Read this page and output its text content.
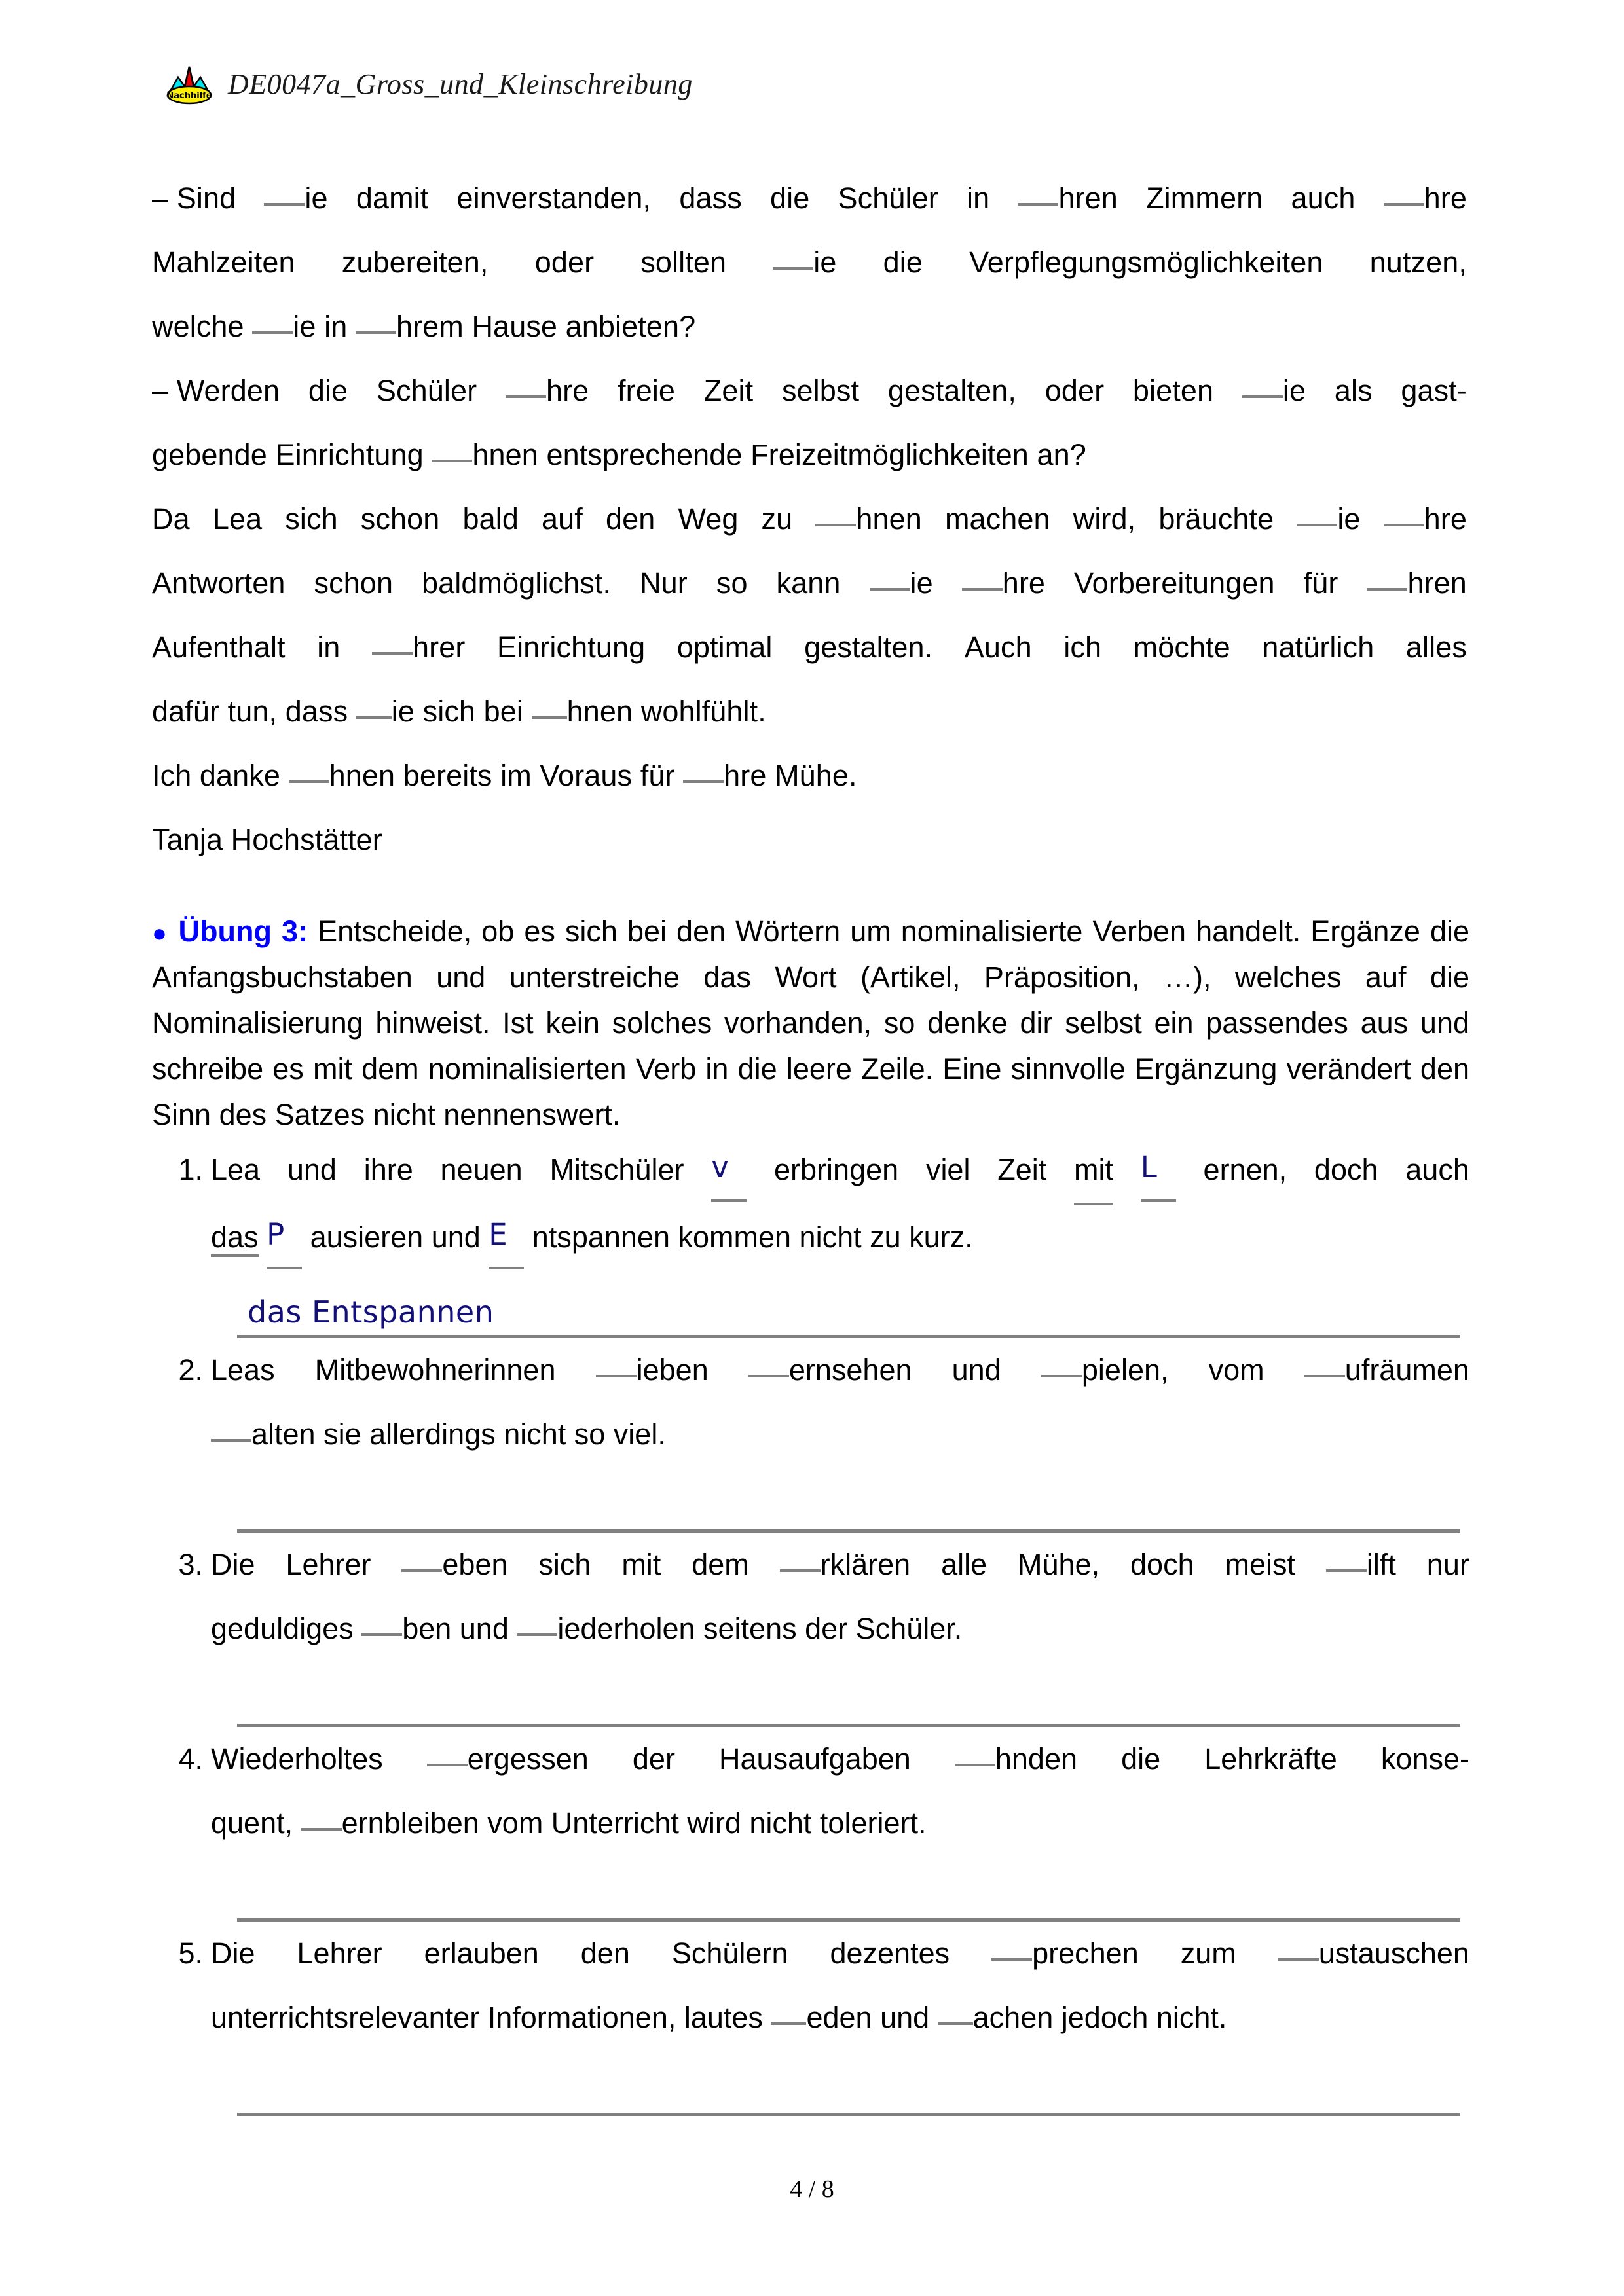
Nachhilfe DE0047a_Gross_und_Kleinschreibung
– Sind	ie damit einverstanden, dass die Schüler in	hren Zimmern auch	hre
Mahlzeiten zubereiten, oder sollten	ie die Verpflegungsmöglichkeiten nutzen,
welche ie in hrem Hause anbieten?
– Werden die Schüler	hre freie Zeit selbst gestalten, oder bieten	ie als gast-
gebende Einrichtung hnen entsprechende Freizeitmöglichkeiten an?
Da Lea sich schon bald auf den Weg zu	hnen machen wird, bräuchte	ie	hre
Antworten schon baldmöglichst. Nur so kann	ie	hre Vorbereitungen für	hren
Aufenthalt in	hrer Einrichtung optimal gestalten. Auch ich möchte natürlich alles
dafür tun, dass ie sich bei hnen wohlfühlt.
Ich danke hnen bereits im Voraus für hre Mühe.
Tanja Hochstätter
● Übung 3: Entscheide, ob es sich bei den Wörtern um nominalisierte Verben handelt. Ergänze die Anfangsbuchstaben und unterstreiche das Wort (Artikel, Präposition, …), welches auf die Nominalisierung hinweist. Ist kein solches vorhanden, so denke dir selbst ein passendes aus und schreibe es mit dem nominalisierten Verb in die leere Zeile. Eine sinnvolle Ergänzung verändert den Sinn des Satzes nicht nennenswert.
1. Lea und ihre neuen Mitschüler v	erbringen viel Zeit mit L	ernen, doch auch
das P ausieren und E ntspannen kommen nicht zu kurz.
das Entspannen
2. Leas Mitbewohnerinnen	ieben	ernsehen und	pielen, vom	ufräumen
alten sie allerdings nicht so viel.
3. Die Lehrer	eben sich mit dem	rklären alle Mühe, doch meist	ilft nur
geduldiges ben und iederholen seitens der Schüler.
4. Wiederholtes	ergessen der Hausaufgaben	hnden die Lehrkräfte konse-
quent, ernbleiben vom Unterricht wird nicht toleriert.
5. Die Lehrer erlauben den Schülern dezentes	prechen zum	ustauschen
unterrichtsrelevanter Informationen, lautes eden und achen jedoch nicht.
4 / 8
